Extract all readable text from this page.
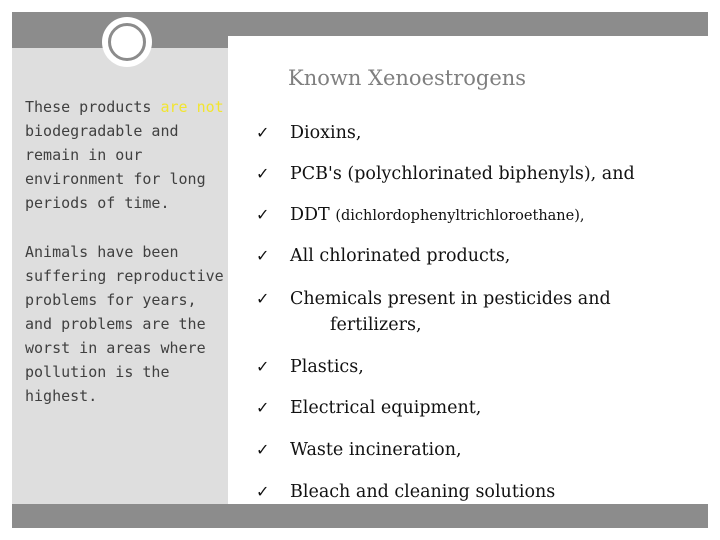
Known Xenoestrogens

These products are not biodegradable and remain in our environment for long periods of time.

Animals have been suffering reproductive problems for years, and problems are the worst in areas where pollution is the highest.

✓	Dioxins,
✓	PCB's (polychlorinated biphenyls), and
✓	DDT (dichlordophenyltrichloroethane),
✓	All chlorinated products,
✓	Chemicals present in pesticides and
fertilizers,
✓	Plastics,
✓	Electrical equipment,
✓	Waste incineration,
✓	Bleach and cleaning solutions
